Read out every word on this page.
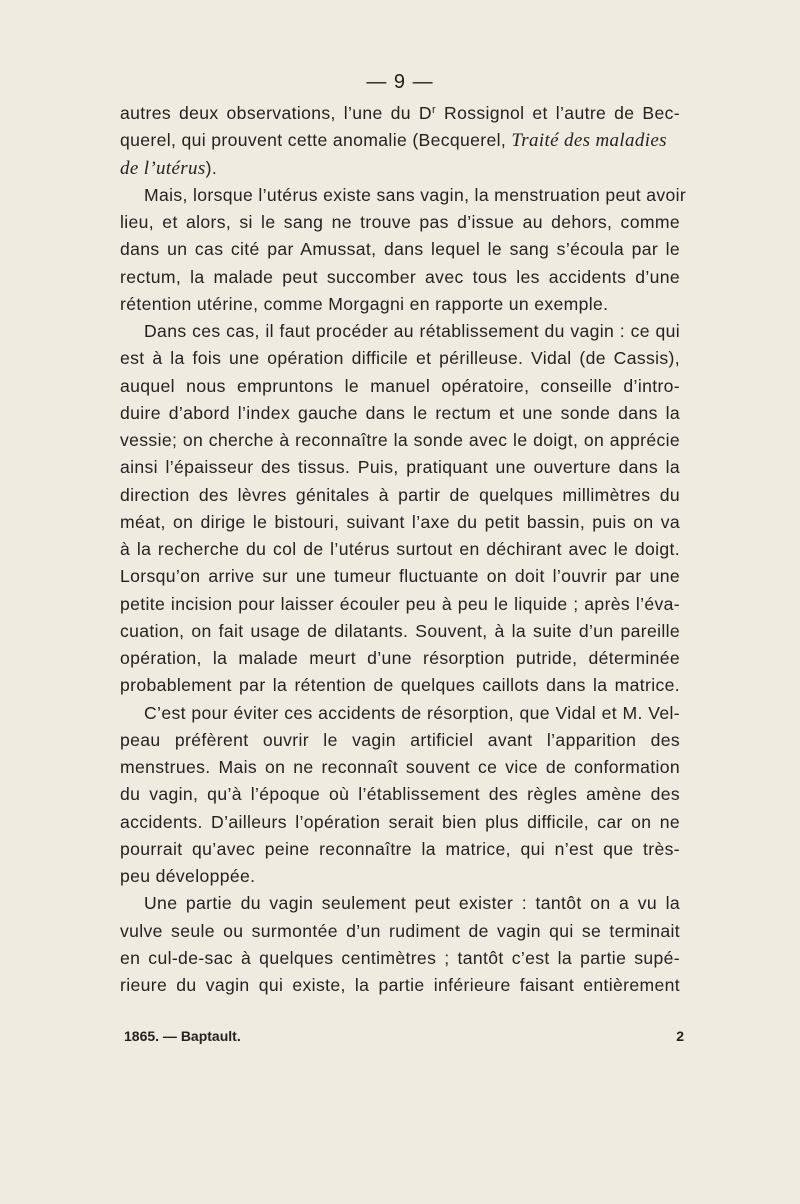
— 9 —
autres deux observations, l’une du $D^r$ Rossignol et l’autre de Bec-
querel, qui prouvent cette anomalie (Becquerel, Traité des maladies
de l’utérus).
Mais, lorsque l’utérus existe sans vagin, la menstruation peut avoir
lieu, et alors, si le sang ne trouve pas d’issue au dehors, comme
dans un cas cité par Amussat, dans lequel le sang s’écoula par le
rectum, la malade peut succomber avec tous les accidents d’une
rétention utérine, comme Morgagni en rapporte un exemple.
Dans ces cas, il faut procéder au rétablissement du vagin : ce qui
est à la fois une opération difficile et périlleuse. Vidal (de Cassis),
auquel nous empruntons le manuel opératoire, conseille d’intro-
duire d’abord l’index gauche dans le rectum et une sonde dans la
vessie; on cherche à reconnaître la sonde avec le doigt, on apprécie
ainsi l’épaisseur des tissus. Puis, pratiquant une ouverture dans la
direction des lèvres génitales à partir de quelques millimètres du
méat, on dirige le bistouri, suivant l’axe du petit bassin, puis on va
à la recherche du col de l’utérus surtout en déchirant avec le doigt.
Lorsqu’on arrive sur une tumeur fluctuante on doit l’ouvrir par une
petite incision pour laisser écouler peu à peu le liquide ; après l’éva-
cuation, on fait usage de dilatants. Souvent, à la suite d’un pareille
opération, la malade meurt d’une résorption putride, déterminée
probablement par la rétention de quelques caillots dans la matrice.
C’est pour éviter ces accidents de résorption, que Vidal et M. Vel-
peau préfèrent ouvrir le vagin artificiel avant l’apparition des
menstrues. Mais on ne reconnaît souvent ce vice de conformation
du vagin, qu’à l’époque où l’établissement des règles amène des
accidents. D’ailleurs l’opération serait bien plus difficile, car on ne
pourrait qu’avec peine reconnaître la matrice, qui n’est que très-
peu développée.
Une partie du vagin seulement peut exister : tantôt on a vu la
vulve seule ou surmontée d’un rudiment de vagin qui se terminait
en cul-de-sac à quelques centimètres ; tantôt c’est la partie supé-
rieure du vagin qui existe, la partie inférieure faisant entièrement
1865. — Baptault.	2
